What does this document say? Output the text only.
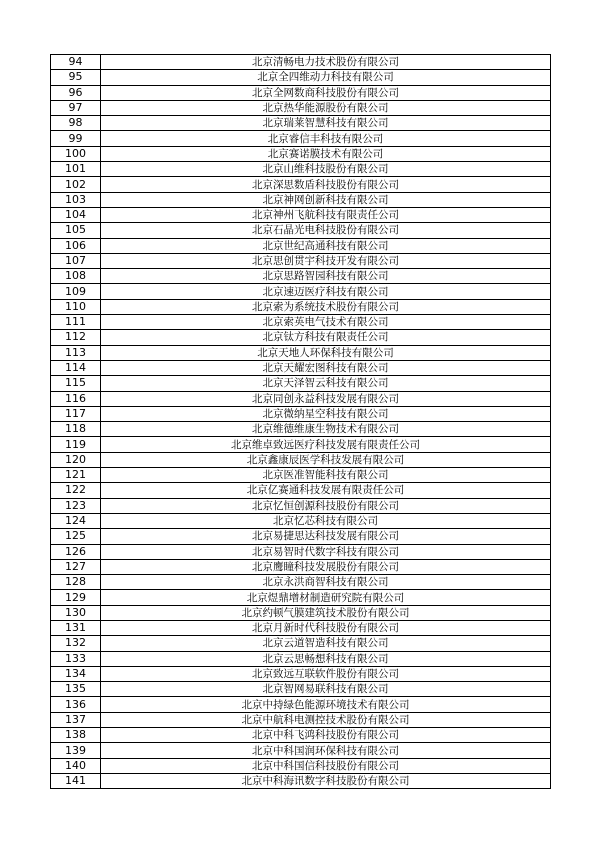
94	北京清畅电力技术股份有限公司
95	北京全四维动力科技有限公司
96	北京全网数商科技股份有限公司
97	北京热华能源股份有限公司
98	北京瑞莱智慧科技有限公司
99	北京睿信丰科技有限公司
100	北京赛诺膜技术有限公司
101	北京山维科技股份有限公司
102	北京深思数盾科技股份有限公司
103	北京神网创新科技有限公司
104	北京神州飞航科技有限责任公司
105	北京石晶光电科技股份有限公司
106	北京世纪高通科技有限公司
107	北京思创贯宇科技开发有限公司
108	北京思路智园科技有限公司
109	北京速迈医疗科技有限公司
110	北京索为系统技术股份有限公司
111	北京索英电气技术有限公司
112	北京钛方科技有限责任公司
113	北京天地人环保科技有限公司
114	北京天耀宏图科技有限公司
115	北京天泽智云科技有限公司
116	北京同创永益科技发展有限公司
117	北京微纳星空科技有限公司
118	北京维德维康生物技术有限公司
119	北京维卓致远医疗科技发展有限责任公司
120	北京鑫康辰医学科技发展有限公司
121	北京医准智能科技有限公司
122	北京亿赛通科技发展有限责任公司
123	北京忆恒创源科技股份有限公司
124	北京忆芯科技有限公司
125	北京易捷思达科技发展有限公司
126	北京易智时代数字科技有限公司
127	北京鹰瞳科技发展股份有限公司
128	北京永洪商智科技有限公司
129	北京煜鼎增材制造研究院有限公司
130	北京约顿气膜建筑技术股份有限公司
131	北京月新时代科技股份有限公司
132	北京云道智造科技有限公司
133	北京云思畅想科技有限公司
134	北京致远互联软件股份有限公司
135	北京智网易联科技有限公司
136	北京中持绿色能源环境技术有限公司
137	北京中航科电测控技术股份有限公司
138	北京中科飞鸿科技股份有限公司
139	北京中科国润环保科技有限公司
140	北京中科国信科技股份有限公司
141	北京中科海讯数字科技股份有限公司
